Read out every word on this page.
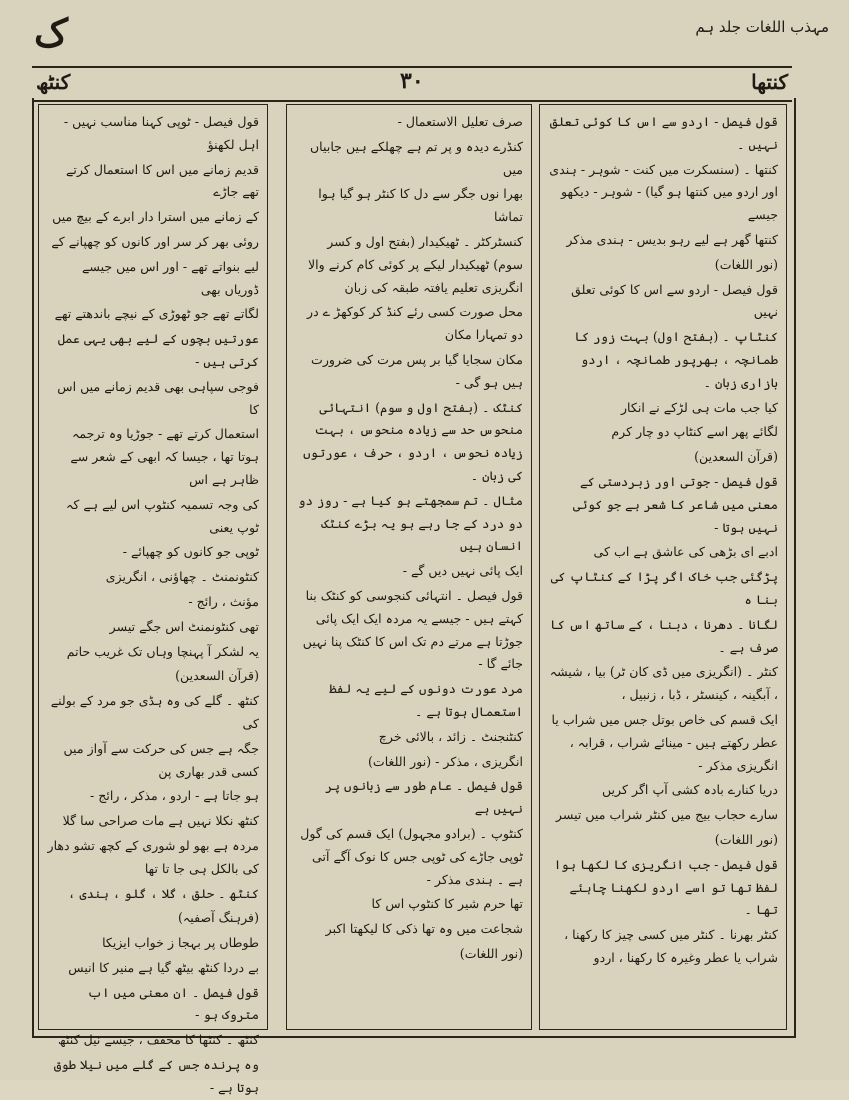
ک	مہذب اللغات جلد ہم
کنٹھ	۳۰	کنتھا

قول فیصل - اردو سے اس کا کوئی تعلق نہیں ۔

کنتھا ۔ (سنسکرت میں کنت - شوہر - ہندی اور اردو میں کنتھا ہو گیا) - شوہر - دیکھو جیسے

کنتھا گھر ہے لیے رہو بدیس - ہندی مذکر

(نور اللغات)

قول فیصل - اردو سے اس کا کوئی تعلق نہیں

کنٹاپ ۔ (بفتح اول) بہت زور کا طمانچہ ، بھرپور طمانچہ ، اردو بازاری زبان ۔

کیا جب مات ہی لڑکے نے انکار

لگائے پھر اسے کنٹاپ دو چار کرم

(قرآن السعدین)

قول فیصل - جوتی اور زبردستی کے معنی میں شاعر کا شعر ہے جو کوئی نہیں ہوتا -

ادبے ای بڑھی کی عاشق ہے اب کی

پڑگئی جب خاک اگر پڑا کے کنٹاپ کی بنا ہ

لگانا ۔ دھرنا ، دبنا ، کے ساتھ اس کا صرف ہے ۔

کنٹر ۔ (انگریزی میں ڈی کان ٹر) بیا ، شیشہ ، آبگینہ ، کینسٹر ، ڈبا ، زنبیل ،

ایک قسم کی خاص بوتل جس میں شراب یا عطر رکھتے ہیں - مینائے شراب ، قرابہ ، انگریزی مذکر -

دریا کنارے بادہ کشی آپ اگر کریں

سارے حجاب بیج میں کنٹر شراب میں تیسر

(نور اللغات)

قول فیصل - جب انگریزی کا لکھا ہوا لفظ تھا تو اسے اردو لکھنا چاہئے تھا ۔

کنٹر بھرنا ۔ کنٹر میں کسی چیز کا رکھنا ، شراب یا عطر وغیرہ کا رکھنا ، اردو

صرف تعلیل الاستعمال -

کنڈرے دیدہ و پر تم ہے چھلکے ہیں جابیاں میں

بھرا نوں جگر سے دل کا کنٹر ہو گیا ہوا تماشا

کنسٹرکٹر ۔ ٹھیکیدار (بفتح اول و کسر سوم) ٹھیکیدار لیکے پر کوئی کام کرنے والا انگریزی تعلیم یافتہ طبقہ کی زبان

محل صورت کسی رئے کنڈ کر کوکھڑ ے در دو تمہارا مکان

مکان سجایا گیا بر پس مرت کی ضرورت ہیں ہو گی -

کنٹک ۔ (بفتح اول و سوم) انتہائی منحوس حد سے زیادہ منحوس ، بہت زیادہ نحوس ، اردو ، حرف ، عورتوں کی زبان ۔

مثال ۔ تم سمجھتے ہو کیا ہے - روز دو دو درد کے جا رہے ہو یہ بڑے کنٹک انسان ہیں

ایک پائی نہیں دیں گے -

قول فیصل ۔ انتہائی کنجوسی کو کنٹک بنا کہتے ہیں - جیسے یہ مردہ ایک ایک پائی جوڑتا ہے مرتے دم تک اس کا کنٹک پنا نہیں جائے گا -

مرد عورت دونوں کے لیے یہ لفظ استعمال ہوتا ہے ۔

کنٹنجنٹ ۔ زائد ، بالائی خرچ

انگریزی ، مذکر - (نور اللغات)

قول فیصل ۔ عام طور سے زبانوں پر نہیں ہے

کنٹوپ ۔ (برادو مجہول) ایک قسم کی گول ٹوپی جاڑے کی ٹوپی جس کا نوک آگے آتی ہے ۔ ہندی مذکر -

تھا حرم شیر کا کنٹوپ اس کا

شجاعت میں وہ تھا ذکی کا لیکھتا اکبر

(نور اللغات)

قول فیصل - ٹوپی کہنا مناسب نہیں - اہل لکھنؤ

قدیم زمانے میں اس کا استعمال کرتے تھے جاڑے

کے زمانے میں استرا دار ابرے کے بیچ میں

روئی بھر کر سر اور کانوں کو چھپانے کے

لیے بنواتے تھے - اور اس میں جیسے ڈوریاں بھی

لگاتے تھے جو ٹھوڑی کے نیچے باندھتے تھے

عورتیں بچوں کے لیے بھی یہی عمل کرتی ہیں -

فوجی سپاہی بھی قدیم زمانے میں اس کا

استعمال کرتے تھے - جوڑیا وہ ترجمہ ہوتا تھا ، جیسا کہ ابھی کے شعر سے ظاہر ہے اس

کی وجہ تسمیہ کنٹوپ اس لیے ہے کہ ٹوپ یعنی

ٹوپی جو کانوں کو چھپائے -

کنٹونمنٹ ۔ چھاؤنی ، انگریزی

مؤنث ، رائج -

تھی کنٹونمنٹ اس جگے تیسر

یہ لشکر آ پہنچا وہاں تک غریب حاتم

(قرآن السعدین)

کنٹھ ۔ گلے کی وہ ہڈی جو مرد کے بولنے کی

جگہ ہے جس کی حرکت سے آواز میں کسی قدر بھاری پن

ہو جاتا ہے - اردو ، مذکر ، رائج -

کنٹھ نکلا نہیں ہے مات صراحی سا گلا

مردہ ہے بھو لو شوری کے کچھ تشو دھار کی بالکل ہی جا تا تھا

کنٹھ ۔ حلق ، گلا ، گلو ، ہندی ،

(فرہنگ آصفیہ)

طوطاں پر بہجا ز خواب ایزیکا

بے دردا کنٹھ بیٹھ گیا ہے منیر کا انیس

قول فیصل ۔ ان معنی میں اب متروک ہو -

کنٹھ ۔ کنٹھا کا مخفف ، جیسے نیل کنٹھ

وہ پرندہ جس کے گلے میں نیلا طوق ہوتا ہے -
